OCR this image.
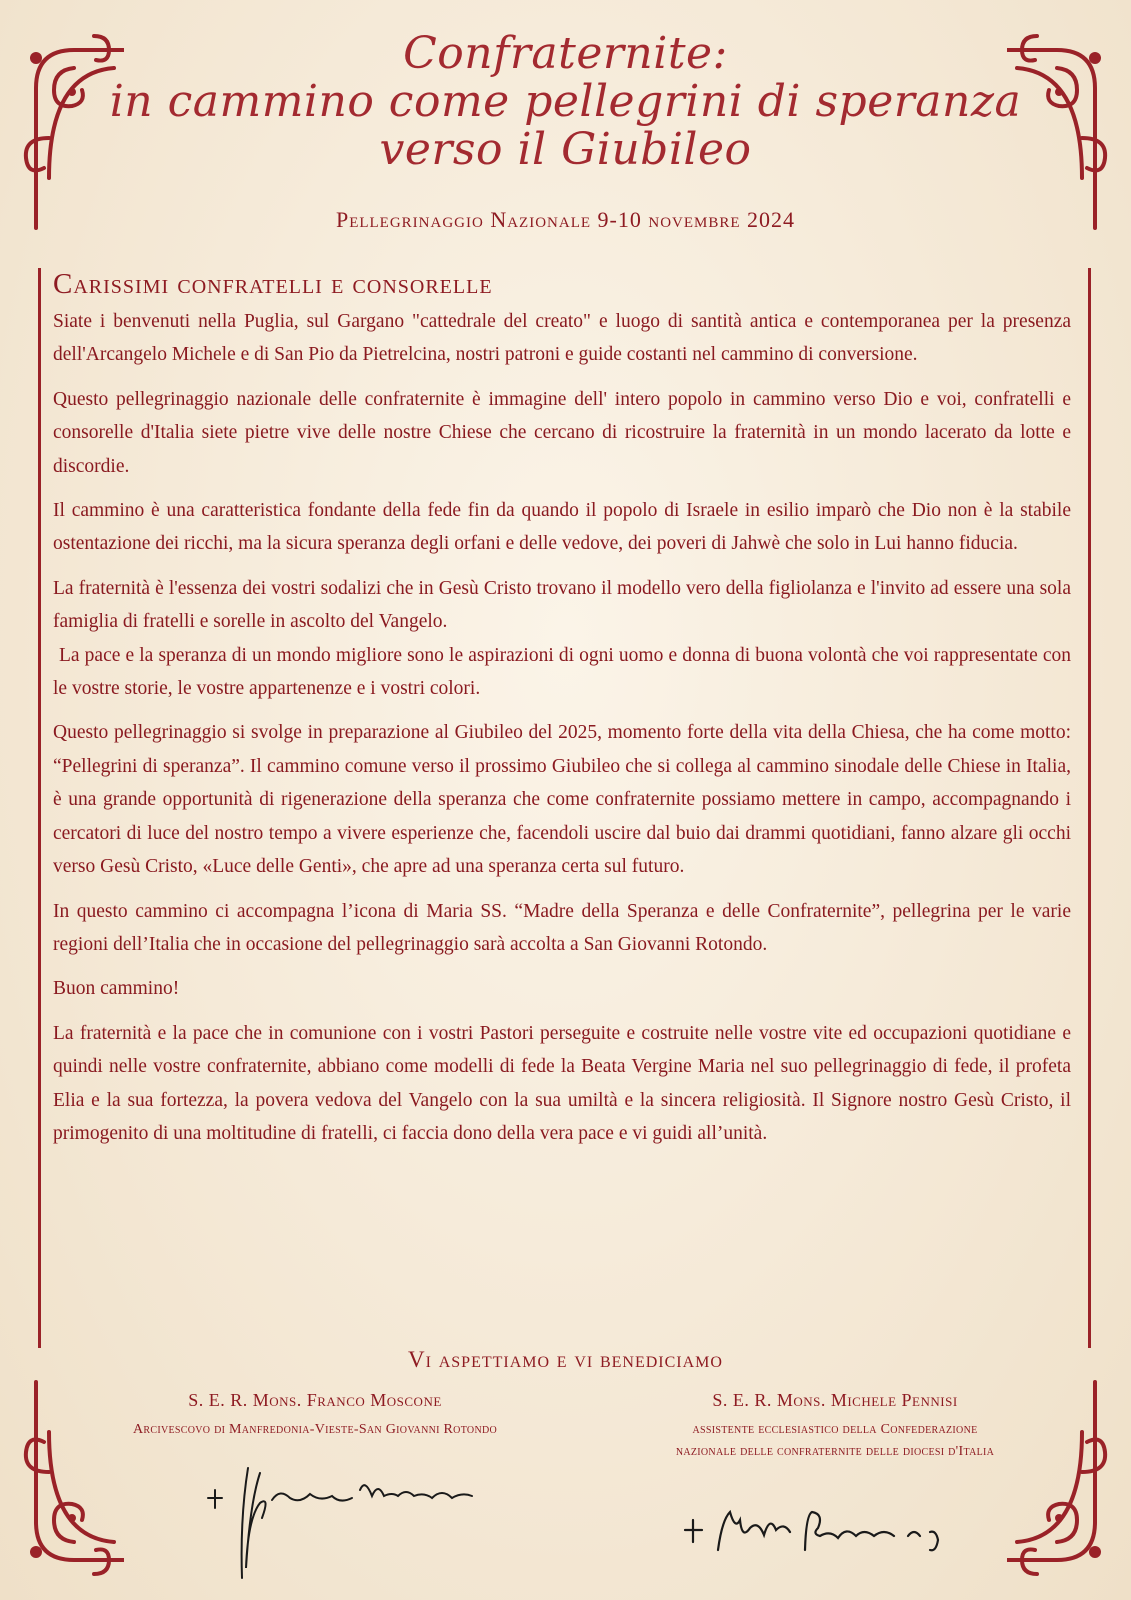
Confraternite:
in cammino come pellegrini di speranza
verso il Giubileo
Pellegrinaggio Nazionale 9-10 novembre 2024
Carissimi confratelli e consorelle

Siate i benvenuti nella Puglia, sul Gargano "cattedrale del creato" e luogo di santità antica e contemporanea per la presenza dell'Arcangelo Michele e di San Pio da Pietrelcina, nostri patroni e guide costanti nel cammino di conversione.

Questo pellegrinaggio nazionale delle confraternite è immagine dell' intero popolo in cammino verso Dio e voi, confratelli e consorelle d'Italia siete pietre vive delle nostre Chiese che cercano di ricostruire la fraternità in un mondo lacerato da lotte e discordie.

Il cammino è una caratteristica fondante della fede fin da quando il popolo di Israele in esilio imparò che Dio non è la stabile ostentazione dei ricchi, ma la sicura speranza degli orfani e delle vedove, dei poveri di Jahwè che solo in Lui hanno fiducia.

La fraternità è l'essenza dei vostri sodalizi che in Gesù Cristo trovano il modello vero della figliolanza e l'invito ad essere una sola famiglia di fratelli e sorelle in ascolto del Vangelo.

La pace e la speranza di un mondo migliore sono le aspirazioni di ogni uomo e donna di buona volontà che voi rappresentate con le vostre storie, le vostre appartenenze e i vostri colori.

Questo pellegrinaggio si svolge in preparazione al Giubileo del 2025, momento forte della vita della Chiesa, che ha come motto: “Pellegrini di speranza”. Il cammino comune verso il prossimo Giubileo che si collega al cammino sinodale delle Chiese in Italia, è una grande opportunità di rigenerazione della speranza che come confraternite possiamo mettere in campo, accompagnando i cercatori di luce del nostro tempo a vivere esperienze che, facendoli uscire dal buio dai drammi quotidiani, fanno alzare gli occhi verso Gesù Cristo, «Luce delle Genti», che apre ad una speranza certa sul futuro.

In questo cammino ci accompagna l’icona di Maria SS. “Madre della Speranza e delle Confraternite”, pellegrina per le varie regioni dell’Italia che in occasione del pellegrinaggio sarà accolta a San Giovanni Rotondo.

Buon cammino!

La fraternità e la pace che in comunione con i vostri Pastori perseguite e costruite nelle vostre vite ed occupazioni quotidiane e quindi nelle vostre confraternite, abbiano come modelli di fede la Beata Vergine Maria nel suo pellegrinaggio di fede, il profeta Elia e la sua fortezza, la povera vedova del Vangelo con la sua umiltà e la sincera religiosità. Il Signore nostro Gesù Cristo, il primogenito di una moltitudine di fratelli, ci faccia dono della vera pace e vi guidi all’unità.

Vi aspettiamo e vi benediciamo
S. E. R. Mons. Franco Moscone
Arcivescovo di Manfredonia-Vieste-San Giovanni Rotondo
S. E. R. Mons. Michele Pennisi
assistente ecclesiastico della Confederazione
nazionale delle confraternite delle diocesi d'Italia
